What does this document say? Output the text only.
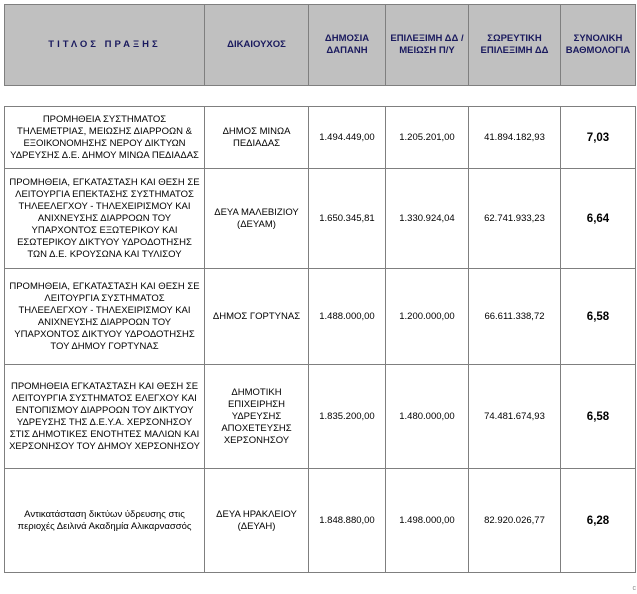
ΤΙΤΛΟΣ ΠΡΑΞΗΣ	ΔΙΚΑΙΟΥΧΟΣ	ΔΗΜΟΣΙΑ ΔΑΠΑΝΗ	ΕΠΙΛΕΞΙΜΗ ΔΔ / ΜΕΙΩΣΗ Π/Υ	ΣΩΡΕΥΤΙΚΗ ΕΠΙΛΕΞΙΜΗ ΔΔ	ΣΥΝΟΛΙΚΗ ΒΑΘΜΟΛΟΓΙΑ
ΠΡΟΜΗΘΕΙΑ ΣΥΣΤΗΜΑΤΟΣ ΤΗΛΕΜΕΤΡΙΑΣ, ΜΕΙΩΣΗΣ ΔΙΑΡΡΟΩΝ & ΕΞΟΙΚΟΝΟΜΗΣΗΣ ΝΕΡΟΥ ΔΙΚΤΥΩΝ ΥΔΡΕΥΣΗΣ Δ.Ε. ΔΗΜΟΥ ΜΙΝΩΑ ΠΕΔΙΑΔΑΣ	ΔΗΜΟΣ ΜΙΝΩΑ ΠΕΔΙΑΔΑΣ	1.494.449,00	1.205.201,00	41.894.182,93	7,03
ΠΡΟΜΗΘΕΙΑ, ΕΓΚΑΤΑΣΤΑΣΗ ΚΑΙ ΘΕΣΗ ΣΕ ΛΕΙΤΟΥΡΓΙΑ ΕΠΕΚΤΑΣΗΣ ΣΥΣΤΗΜΑΤΟΣ ΤΗΛΕΕΛΕΓΧΟΥ - ΤΗΛΕΧΕΙΡΙΣΜΟΥ ΚΑΙ ΑΝΙΧΝΕΥΣΗΣ ΔΙΑΡΡΟΩΝ ΤΟΥ ΥΠΑΡΧΟΝΤΟΣ ΕΞΩΤΕΡΙΚΟΥ ΚΑΙ ΕΣΩΤΕΡΙΚΟΥ ΔΙΚΤΥΟΥ ΥΔΡΟΔΟΤΗΣΗΣ ΤΩΝ Δ.Ε. ΚΡΟΥΣΩΝΑ ΚΑΙ ΤΥΛΙΣΟΥ	ΔΕΥΑ ΜΑΛΕΒΙΖΙΟΥ (ΔΕΥΑΜ)	1.650.345,81	1.330.924,04	62.741.933,23	6,64
ΠΡΟΜΗΘΕΙΑ, ΕΓΚΑΤΑΣΤΑΣΗ ΚΑΙ ΘΕΣΗ ΣΕ ΛΕΙΤΟΥΡΓΙΑ ΣΥΣΤΗΜΑΤΟΣ ΤΗΛΕΕΛΕΓΧΟΥ - ΤΗΛΕΧΕΙΡΙΣΜΟΥ ΚΑΙ ΑΝΙΧΝΕΥΣΗΣ ΔΙΑΡΡΟΩΝ ΤΟΥ ΥΠΑΡΧΟΝΤΟΣ ΔΙΚΤΥΟΥ ΥΔΡΟΔΟΤΗΣΗΣ ΤΟΥ ΔΗΜΟΥ ΓΟΡΤΥΝΑΣ	ΔΗΜΟΣ ΓΟΡΤΥΝΑΣ	1.488.000,00	1.200.000,00	66.611.338,72	6,58
ΠΡΟΜΗΘΕΙΑ ΕΓΚΑΤΑΣΤΑΣΗ ΚΑΙ ΘΕΣΗ ΣΕ ΛΕΙΤΟΥΡΓΙΑ ΣΥΣΤΗΜΑΤΟΣ ΕΛΕΓΧΟΥ ΚΑΙ ΕΝΤΟΠΙΣΜΟΥ ΔΙΑΡΡΟΩΝ ΤΟΥ ΔΙΚΤΥΟΥ ΥΔΡΕΥΣΗΣ ΤΗΣ Δ.Ε.Υ.Α. ΧΕΡΣΟΝΗΣΟΥ ΣΤΙΣ ΔΗΜΟΤΙΚΕΣ ΕΝΟΤΗΤΕΣ ΜΑΛΙΩΝ ΚΑΙ ΧΕΡΣΟΝΗΣΟΥ ΤΟΥ ΔΗΜΟΥ ΧΕΡΣΟΝΗΣΟΥ	ΔΗΜΟΤΙΚΗ ΕΠΙΧΕΙΡΗΣΗ ΥΔΡΕΥΣΗΣ ΑΠΟΧΕΤΕΥΣΗΣ ΧΕΡΣΟΝΗΣΟΥ	1.835.200,00	1.480.000,00	74.481.674,93	6,58
Αντικατάσταση δικτύων ύδρευσης στις περιοχές Δειλινά Ακαδημία Αλικαρνασσός	ΔΕΥΑ ΗΡΑΚΛΕΙΟΥ (ΔΕΥΑΗ)	1.848.880,00	1.498.000,00	82.920.026,77	6,28
c
